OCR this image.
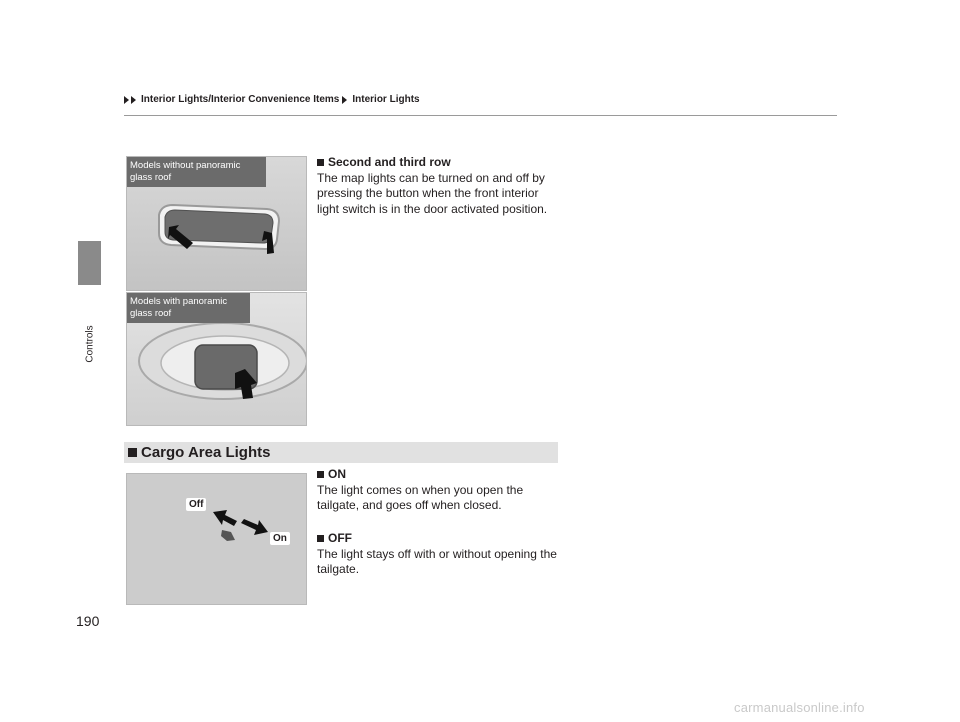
Interior Lights/Interior Convenience Items Interior Lights
Controls
Models without panoramic
glass roof
Models with panoramic
glass roof
Second and third row

The map lights can be turned on and off by

pressing the button when the front interior

light switch is in the door activated position.

Cargo Area Lights
Off
On
ON

The light comes on when you open the

tailgate, and goes off when closed.

OFF

The light stays off with or without opening the

tailgate.

190
carmanualsonline.info
